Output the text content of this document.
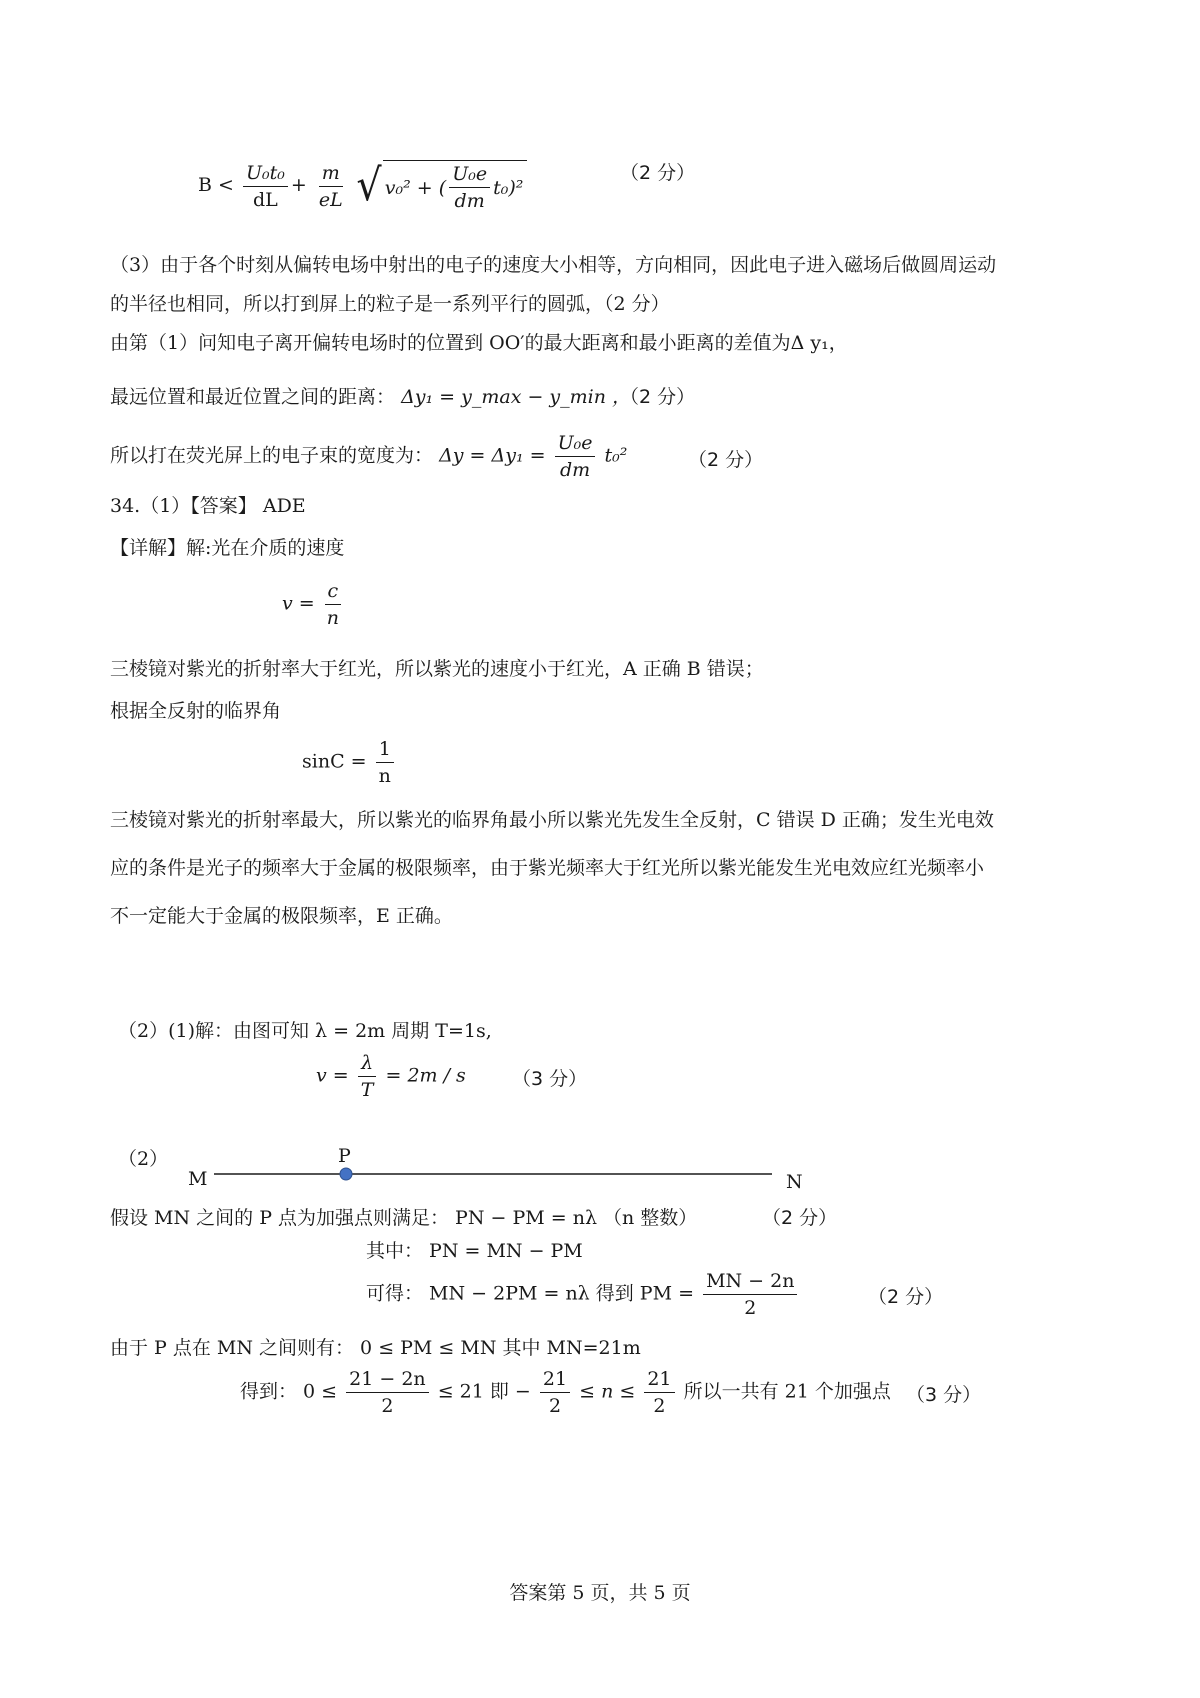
（2 分）
$B < \frac{\text{U₀t₀}}{dL} + \frac{m}{eL}$
√ v₀² + ( $\frac{\text{U₀e}}{dm} t_0)^2$
（3）由于各个时刻从偏转电场中射出的电子的速度大小相等，方向相同，因此电子进入磁场后做圆周运动
的半径也相同，所以打到屏上的粒子是一系列平行的圆弧，（2 分）
由第（1）问知电子离开偏转电场时的位置到 OO′的最大距离和最小距离的差值为Δ y₁，
最远位置和最近位置之间的距离： Δy₁ = y_max − y_min ，
（2 分）
所以打在荧光屏上的电子束的宽度为： $\Delta y = \Delta y_1 = \frac{\text{U₀e}}{dm} t_0^2$	（2 分）
34.（1）【答案】 ADE
【详解】解:光在介质的速度
$v = \frac{c}{n}$
三棱镜对紫光的折射率大于红光，所以紫光的速度小于红光，A 正确 B 错误；
根据全反射的临界角
$\sin C = \frac{1}{n}$
三棱镜对紫光的折射率最大，所以紫光的临界角最小所以紫光先发生全反射，C 错误 D 正确；发生光电效
应的条件是光子的频率大于金属的极限频率，由于紫光频率大于红光所以紫光能发生光电效应红光频率小
不一定能大于金属的极限频率，E 正确。
（2）(1)解：由图可知 λ = 2m 周期 T=1s,
$v = \frac{\lambda}{T} = 2m / s$ （3 分）
（2）
M
P
N
假设 MN 之间的 P 点为加强点则满足： PN − PM = nλ （n 整数）	（2 分）
其中： PN = MN − PM
可得： MN − 2PM = nλ 得到 PM = $\frac{MN - 2n}{2}$	（2 分）
由于 P 点在 MN 之间则有： 0 ≤ PM ≤ MN 其中 MN=21m
得到： $0 \le \frac{21 - 2n}{2} \le 21$ 即 − $\frac{21}{2} \le n \le \frac{21}{2}$ 所以一共有 21 个加强点 （3 分）
答案第 5 页，共 5 页
